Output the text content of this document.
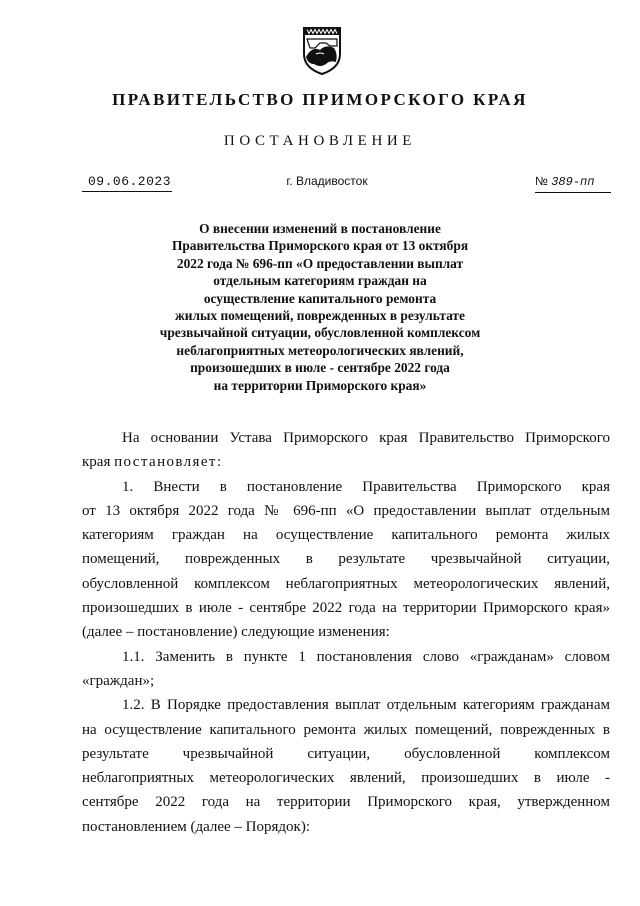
ПРАВИТЕЛЬСТВО ПРИМОРСКОГО КРАЯ
ПОСТАНОВЛЕНИЕ
09.06.2023	г. Владивосток	№ 389-пп
О внесении изменений в постановление
Правительства Приморского края от 13 октября
2022 года № 696-пп «О предоставлении выплат
отдельным категориям граждан на
осуществление капитального ремонта
жилых помещений, поврежденных в результате
чрезвычайной ситуации, обусловленной комплексом
неблагоприятных метеорологических явлений,
произошедших в июле - сентябре 2022 года
на территории Приморского края»
На основании Устава Приморского края Правительство Приморского
края постановляет:
1. Внести в постановление Правительства Приморского края
от 13 октября 2022 года № 696-пп «О предоставлении выплат отдельным
категориям граждан на осуществление капитального ремонта жилых
помещений, поврежденных в результате чрезвычайной ситуации,
обусловленной комплексом неблагоприятных метеорологических явлений,
произошедших в июле - сентябре 2022 года на территории Приморского края»
(далее – постановление) следующие изменения:
1.1. Заменить в пункте 1 постановления слово «гражданам» словом
«граждан»;
1.2. В Порядке предоставления выплат отдельным категориям гражданам
на осуществление капитального ремонта жилых помещений, поврежденных в
результате чрезвычайной ситуации, обусловленной комплексом
неблагоприятных метеорологических явлений, произошедших в июле -
сентябре 2022 года на территории Приморского края, утвержденном
постановлением (далее – Порядок):
